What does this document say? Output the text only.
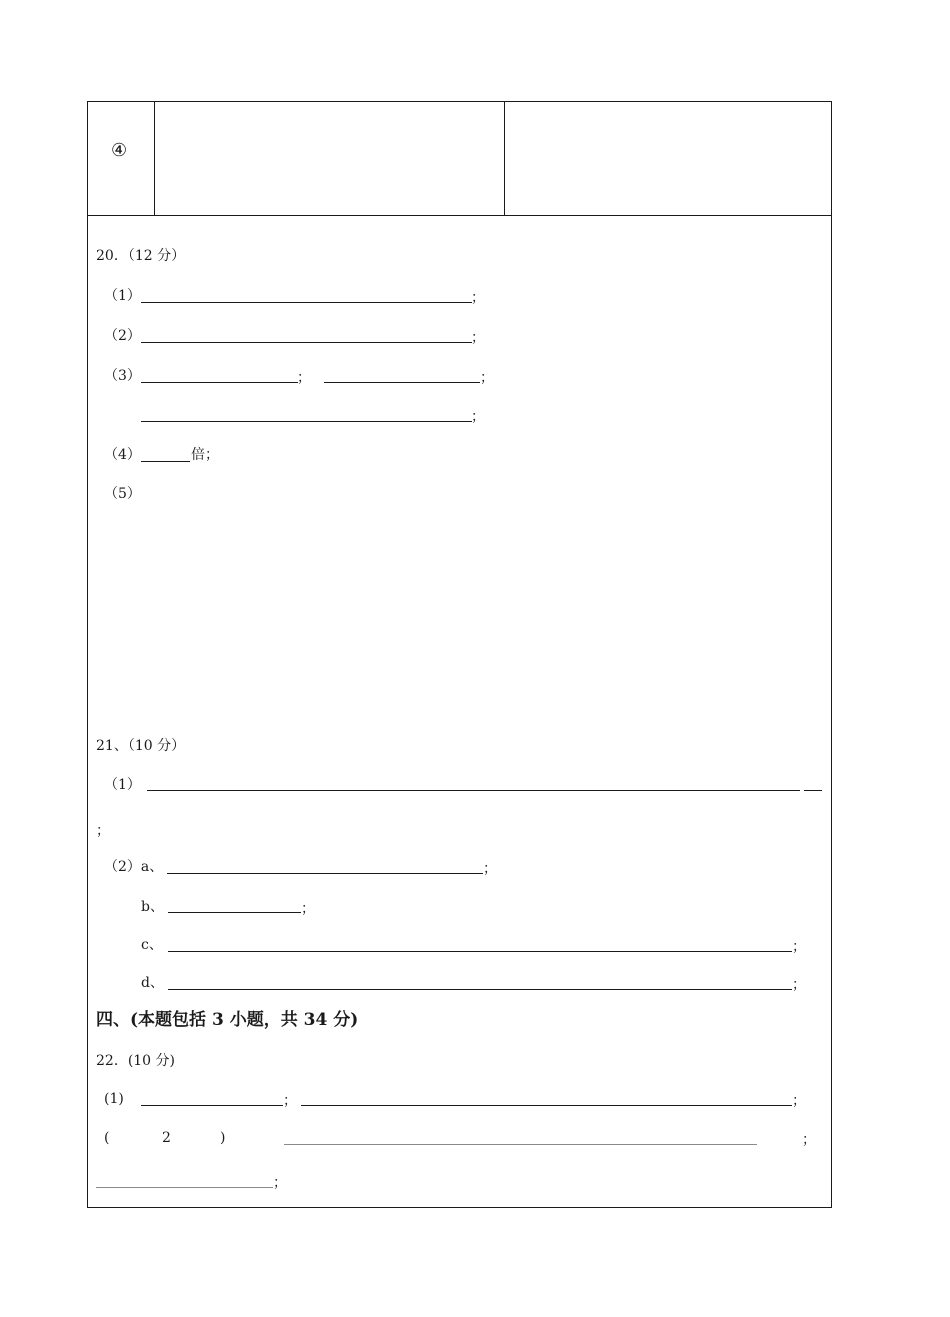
④
20．（12 分）
（1）	；
（2）	；
（3）	；	；
；
（4）	倍；
（5）
21、（10 分）
（1）
；
（2）a、	；
b、	；
c、	；
d、	；
四、(本题包括 3 小题，共 34 分)
22．(10 分)
(1)	；	；
(	2	)	；
；
